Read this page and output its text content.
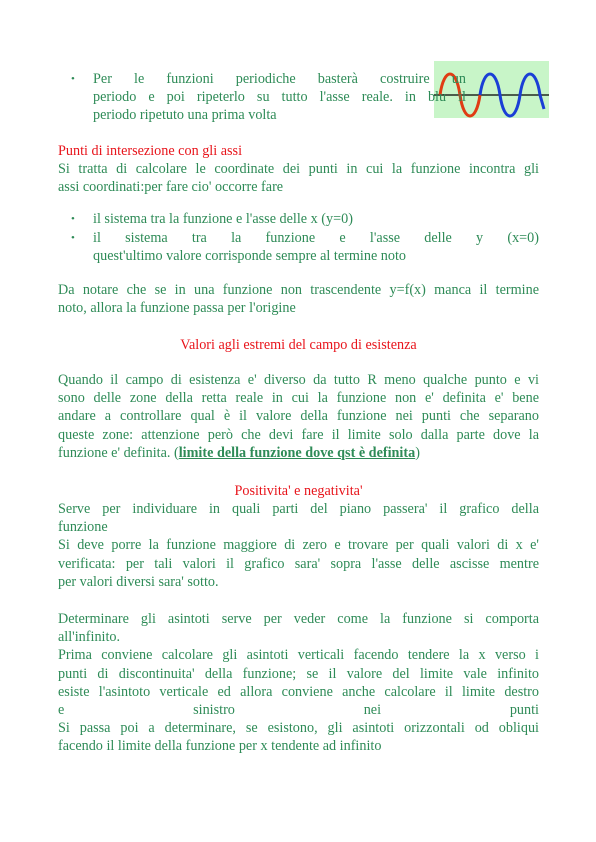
• Per le funzioni periodiche basterà costruire un
periodo e poi ripeterlo su tutto l'asse reale. in blu il
periodo ripetuto una prima volta
Punti di intersezione con gli assi
Si tratta di calcolare le coordinate dei punti in cui la funzione incontra gli
assi coordinati:per fare cio' occorre fare
• il sistema tra la funzione e l'asse delle x (y=0)
• il sistema tra la funzione e l'asse delle y (x=0)
quest'ultimo valore corrisponde sempre al termine noto
Da notare che se in una funzione non trascendente y=f(x) manca il termine
noto, allora la funzione passa per l'origine
Valori agli estremi del campo di esistenza
Quando il campo di esistenza e' diverso da tutto R meno qualche punto e vi
sono delle zone della retta reale in cui la funzione non e' definita e' bene
andare a controllare qual è il valore della funzione nei punti che separano
queste zone: attenzione però che devi fare il limite solo dalla parte dove la
funzione e' definita. (limite della funzione dove qst è definita)
Positivita' e negativita'
Serve per individuare in quali parti del piano passera' il grafico della
funzione
Si deve porre la funzione maggiore di zero e trovare per quali valori di x e'
verificata: per tali valori il grafico sara' sopra l'asse delle ascisse mentre
per valori diversi sara' sotto.
Determinare gli asintoti serve per veder come la funzione si comporta
all'infinito.
Prima conviene calcolare gli asintoti verticali facendo tendere la x verso i
punti di discontinuita' della funzione; se il valore del limite vale infinito
esiste l'asintoto verticale ed allora conviene anche calcolare il limite destro
e sinistro nei punti
Si passa poi a determinare, se esistono, gli asintoti orizzontali od obliqui
facendo il limite della funzione per x tendente ad infinito
